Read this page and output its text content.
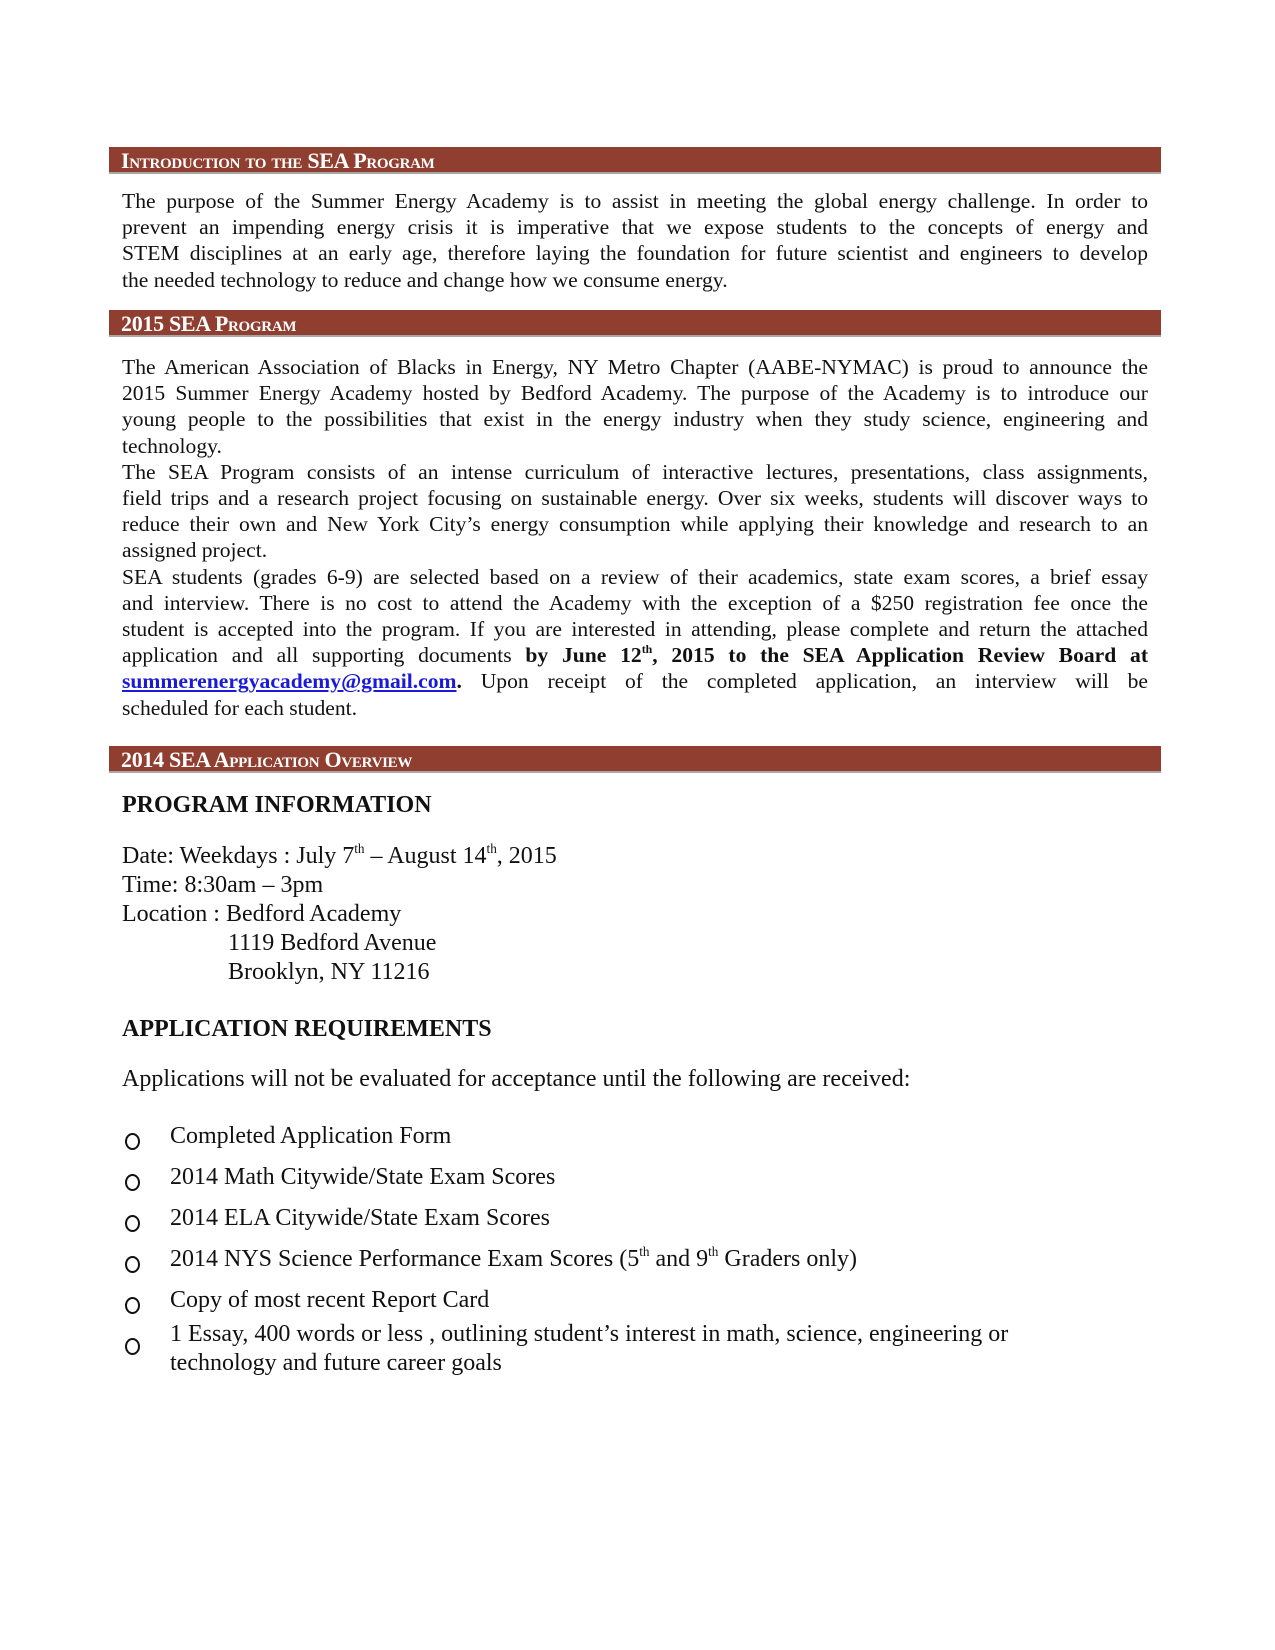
Introduction to the SEA Program
The purpose of the Summer Energy Academy is to assist in meeting the global energy challenge. In order to
prevent an impending energy crisis it is imperative that we expose students to the concepts of energy and
STEM disciplines at an early age, therefore laying the foundation for future scientist and engineers to develop
the needed technology to reduce and change how we consume energy.
2015 SEA Program
The American Association of Blacks in Energy, NY Metro Chapter (AABE-NYMAC) is proud to announce the
2015 Summer Energy Academy hosted by Bedford Academy. The purpose of the Academy is to introduce our
young people to the possibilities that exist in the energy industry when they study science, engineering and
technology.
The SEA Program consists of an intense curriculum of interactive lectures, presentations, class assignments,
field trips and a research project focusing on sustainable energy. Over six weeks, students will discover ways to
reduce their own and New York City’s energy consumption while applying their knowledge and research to an
assigned project.
SEA students (grades 6-9) are selected based on a review of their academics, state exam scores, a brief essay
and interview. There is no cost to attend the Academy with the exception of a $250 registration fee once the
student is accepted into the program. If you are interested in attending, please complete and return the attached
application and all supporting documents by June 12th, 2015 to the SEA Application Review Board at
summerenergyacademy@gmail.com. Upon receipt of the completed application, an interview will be
scheduled for each student.
2014 SEA Application Overview
PROGRAM INFORMATION
Date: Weekdays : July 7th – August 14th, 2015
Time: 8:30am – 3pm
Location : Bedford Academy
1119 Bedford Avenue
Brooklyn, NY 11216
APPLICATION REQUIREMENTS
Applications will not be evaluated for acceptance until the following are received:
Completed Application Form
2014 Math Citywide/State Exam Scores
2014 ELA Citywide/State Exam Scores
2014 NYS Science Performance Exam Scores (5th and 9th Graders only)
Copy of most recent Report Card
1 Essay, 400 words or less , outlining student’s interest in math, science, engineering or
technology and future career goals
